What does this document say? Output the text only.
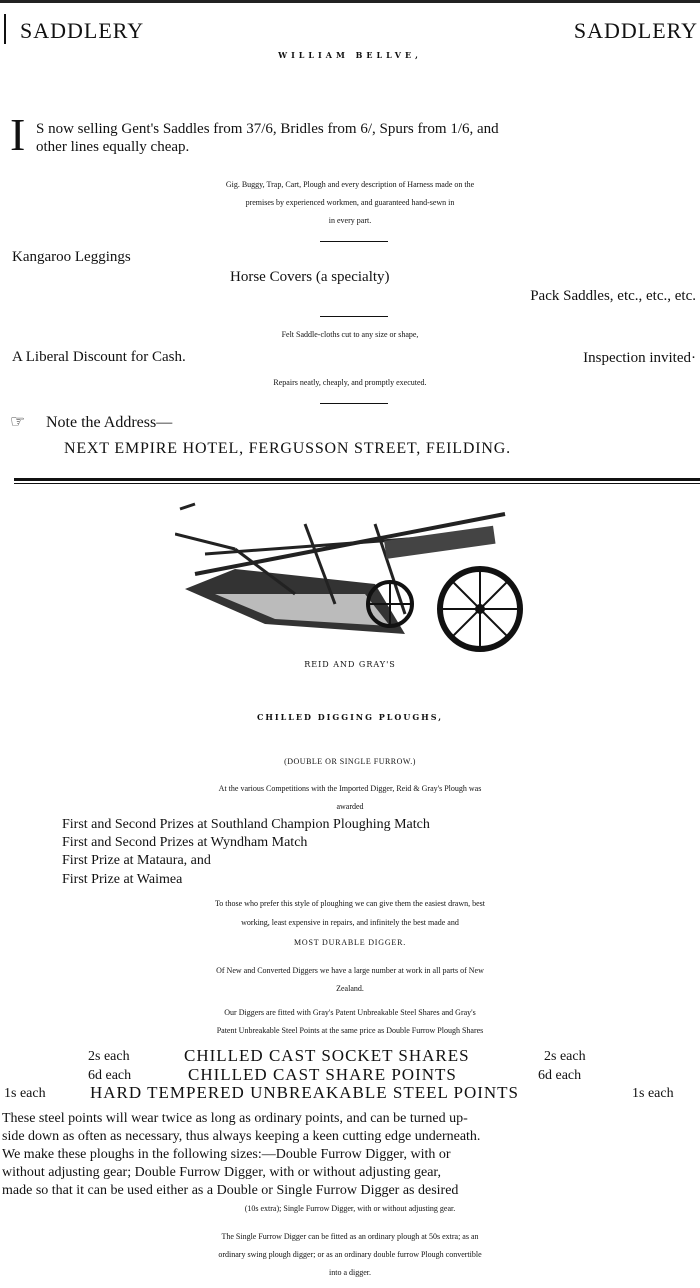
SADDLERY	SADDLERY
WILLIAM BELLVE,
I S now selling Gent's Saddles from 37/6, Bridles from 6/, Spurs from 1/6, and
other lines equally cheap.
Gig. Buggy, Trap, Cart, Plough and every description of Harness made on the
premises by experienced workmen, and guaranteed hand-sewn in
in every part.
Kangaroo Leggings
Horse Covers (a specialty)
Pack Saddles, etc., etc., etc.
Felt Saddle-cloths cut to any size or shape,
A Liberal Discount for Cash.	Inspection invited·
Repairs neatly, cheaply, and promptly executed.
☞ Note the Address—
NEXT EMPIRE HOTEL, FERGUSSON STREET, FEILDING.
REID AND GRAY'S
CHILLED DIGGING PLOUGHS,
(DOUBLE OR SINGLE FURROW.)
At the various Competitions with the Imported Digger, Reid & Gray's Plough was
awarded
First and Second Prizes at Southland Champion Ploughing Match
First and Second Prizes at Wyndham Match
First Prize at Mataura, and
First Prize at Waimea
To those who prefer this style of ploughing we can give them the easiest drawn, best
working, least expensive in repairs, and infinitely the best made and
MOST DURABLE DIGGER.
Of New and Converted Diggers we have a large number at work in all parts of New
Zealand.
Our Diggers are fitted with Gray's Patent Unbreakable Steel Shares and Gray's
Patent Unbreakable Steel Points at the same price as Double Furrow Plough Shares
2s each	CHILLED CAST SOCKET SHARES	2s each
6d each	CHILLED CAST SHARE POINTS	6d each
1s each	HARD TEMPERED UNBREAKABLE STEEL POINTS	1s each
These steel points will wear twice as long as ordinary points, and can be turned up-
side down as often as necessary, thus always keeping a keen cutting edge underneath.
We make these ploughs in the following sizes:—Double Furrow Digger, with or
without adjusting gear; Double Furrow Digger, with or without adjusting gear,
made so that it can be used either as a Double or Single Furrow Digger as desired
(10s extra); Single Furrow Digger, with or without adjusting gear.
The Single Furrow Digger can be fitted as an ordinary plough at 50s extra; as an
ordinary swing plough digger; or as an ordinary double furrow Plough convertible
into a digger.
